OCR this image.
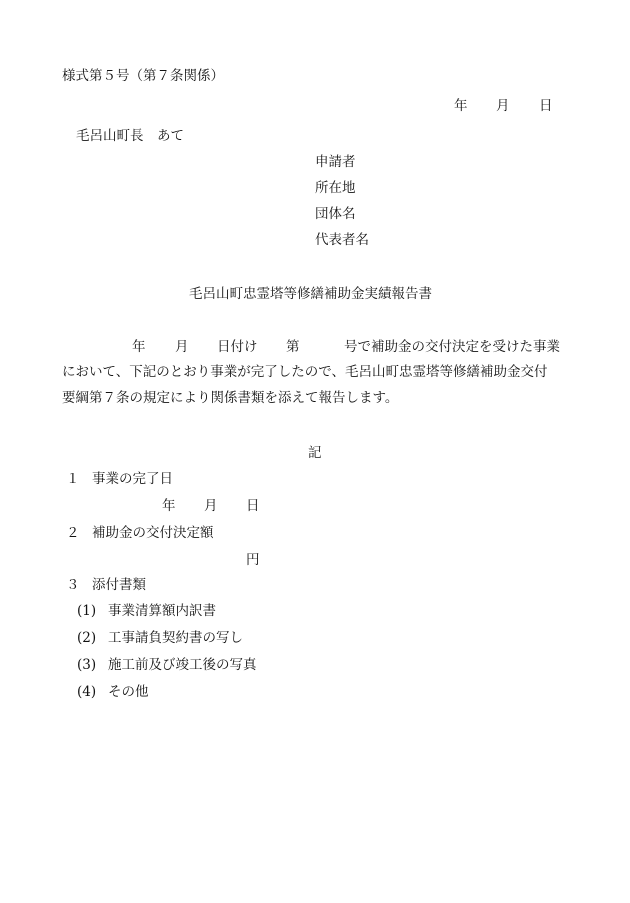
様式第５号（第７条関係）
年 月 日
毛呂山町長　あて
申請者
所在地
団体名
代表者名
毛呂山町忠霊塔等修繕補助金実績報告書
年 月 日付け 第	号で補助金の交付決定を受けた事業
において、下記のとおり事業が完了したので、毛呂山町忠霊塔等修繕補助金交付
要綱第７条の規定により関係書類を添えて報告します。
記
１ 事業の完了日
年 月 日
２ 補助金の交付決定額
円
３ 添付書類
(1) 事業清算額内訳書
(2) 工事請負契約書の写し
(3) 施工前及び竣工後の写真
(4) その他
